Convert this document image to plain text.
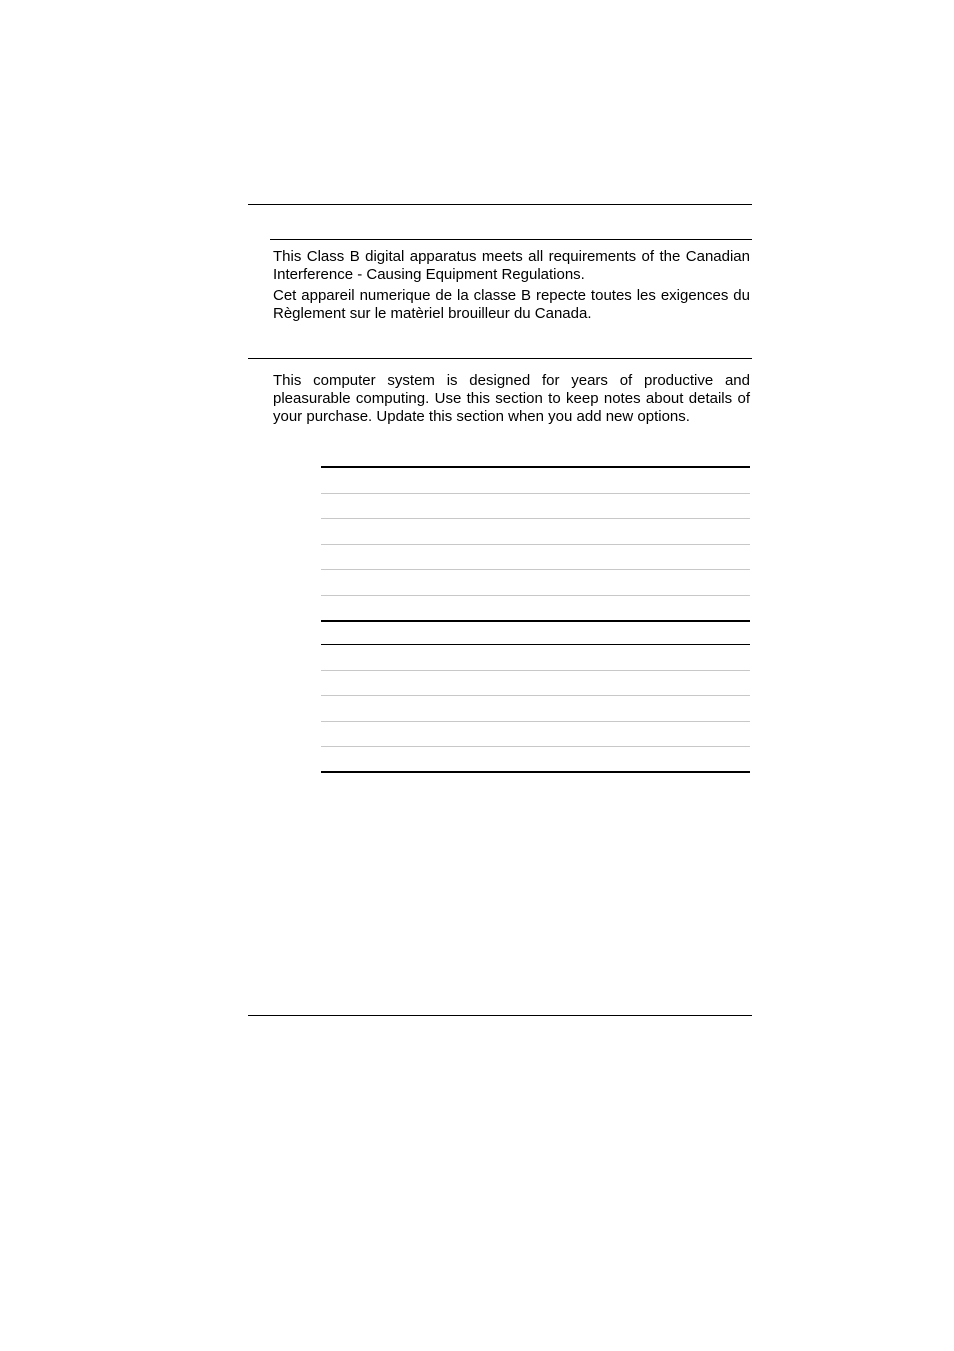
This Class B digital apparatus meets all requirements of the Canadian Interference - Causing Equipment Regulations.

Cet appareil numerique de la classe B repecte toutes les exigences du Règlement sur le matèriel brouilleur du Canada.

This computer system is designed for years of productive and pleasurable computing. Use this section to keep notes about details of your purchase. Update this section when you add new options.
